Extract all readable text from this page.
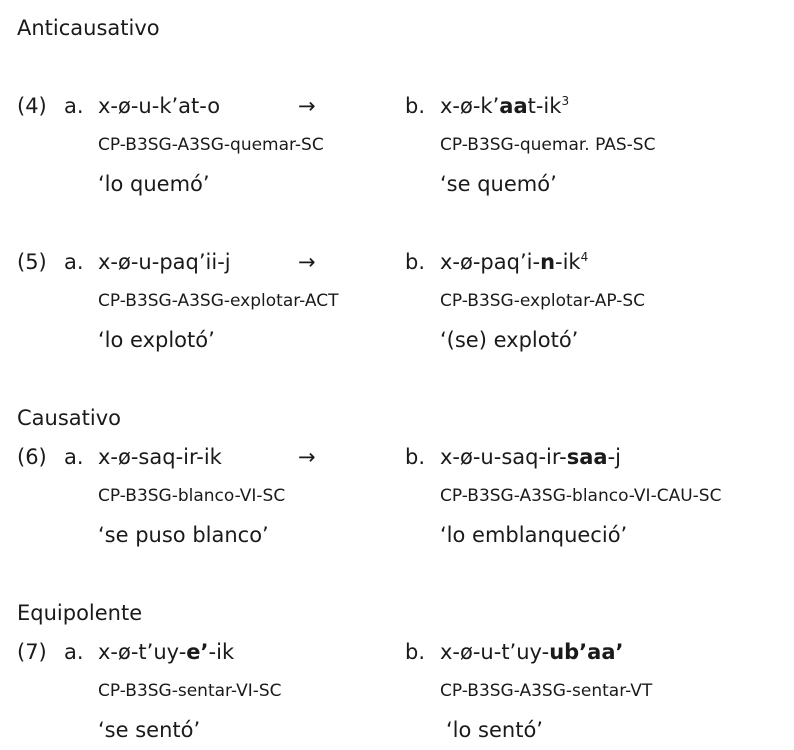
Anticausativo
Causativo
Equipolente
(4) a. x-ø-u-k’at-o	→
CP-B3SG-A3SG-quemar-SC
‘lo quemó’
b. $x-ø-k’aat-ik^3$
CP-B3SG-quemar. PAS-SC
‘se quemó’
(5) a. x-ø-u-paq’ii-j	→
CP-B3SG-A3SG-explotar-ACT
‘lo explotó’
b. $x-ø-paq’i-n-ik^4$
CP-B3SG-explotar-AP-SC
‘(se) explotó’
(6) a. x-ø-saq-ir-ik	→
CP-B3SG-blanco-VI-SC
‘se puso blanco’
b. x-ø-u-saq-ir-saa-j
CP-B3SG-A3SG-blanco-VI-CAU-SC
‘lo emblanqueció’
(7) a. x-ø-t’uy-e’-ik
CP-B3SG-sentar-VI-SC
‘se sentó’
b. x-ø-u-t’uy-ub’aa’
CP-B3SG-A3SG-sentar-VT
‘lo sentó’
